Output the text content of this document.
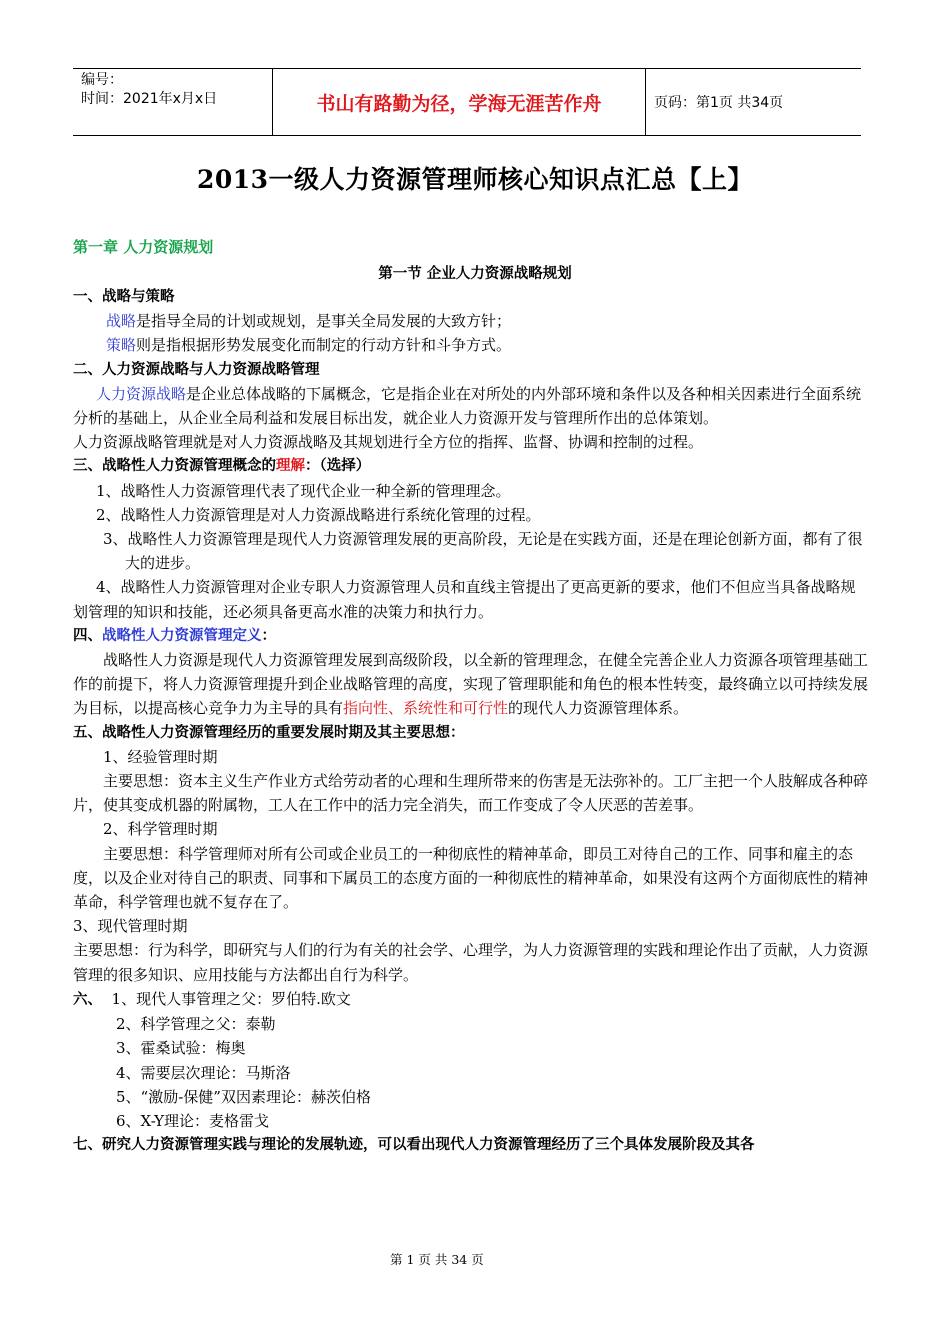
编号：
时间：2021年x月x日	书山有路勤为径，学海无涯苦作舟	页码：第1页 共34页
2013一级人力资源管理师核心知识点汇总【上】
第一章 人力资源规划
第一节 企业人力资源战略规划

一、战略与策略

战略是指导全局的计划或规划，是事关全局发展的大致方针；

策略则是指根据形势发展变化而制定的行动方针和斗争方式。

二、人力资源战略与人力资源战略管理

人力资源战略是企业总体战略的下属概念，它是指企业在对所处的内外部环境和条件以及各种相关因素进行全面系统分析的基础上，从企业全局利益和发展目标出发，就企业人力资源开发与管理所作出的总体策划。

人力资源战略管理就是对人力资源战略及其规划进行全方位的指挥、监督、协调和控制的过程。

三、战略性人力资源管理概念的理解：（选择）

1、战略性人力资源管理代表了现代企业一种全新的管理理念。

2、战略性人力资源管理是对人力资源战略进行系统化管理的过程。

3、战略性人力资源管理是现代人力资源管理发展的更高阶段，无论是在实践方面，还是在理论创新方面，都有了很大的进步。

4、战略性人力资源管理对企业专职人力资源管理人员和直线主管提出了更高更新的要求，他们不但应当具备战略规划管理的知识和技能，还必须具备更高水准的决策力和执行力。

四、战略性人力资源管理定义：

战略性人力资源是现代人力资源管理发展到高级阶段，以全新的管理理念，在健全完善企业人力资源各项管理基础工作的前提下，将人力资源管理提升到企业战略管理的高度，实现了管理职能和角色的根本性转变，最终确立以可持续发展为目标，以提高核心竞争力为主导的具有指向性、系统性和可行性的现代人力资源管理体系。

五、战略性人力资源管理经历的重要发展时期及其主要思想：

1、经验管理时期

主要思想：资本主义生产作业方式给劳动者的心理和生理所带来的伤害是无法弥补的。工厂主把一个人肢解成各种碎片，使其变成机器的附属物，工人在工作中的活力完全消失，而工作变成了令人厌恶的苦差事。

2、科学管理时期

主要思想：科学管理师对所有公司或企业员工的一种彻底性的精神革命，即员工对待自己的工作、同事和雇主的态度，以及企业对待自己的职责、同事和下属员工的态度方面的一种彻底性的精神革命，如果没有这两个方面彻底性的精神革命，科学管理也就不复存在了。

3、现代管理时期

主要思想：行为科学，即研究与人们的行为有关的社会学、心理学，为人力资源管理的实践和理论作出了贡献，人力资源管理的很多知识、应用技能与方法都出自行为科学。

六、 1、现代人事管理之父：罗伯特.欧文

2、科学管理之父：泰勒

3、霍桑试验：梅奥

4、需要层次理论：马斯洛

5、“激励-保健”双因素理论：赫茨伯格

6、X-Y理论：麦格雷戈

七、研究人力资源管理实践与理论的发展轨迹，可以看出现代人力资源管理经历了三个具体发展阶段及其各

第 1 页 共 34 页
